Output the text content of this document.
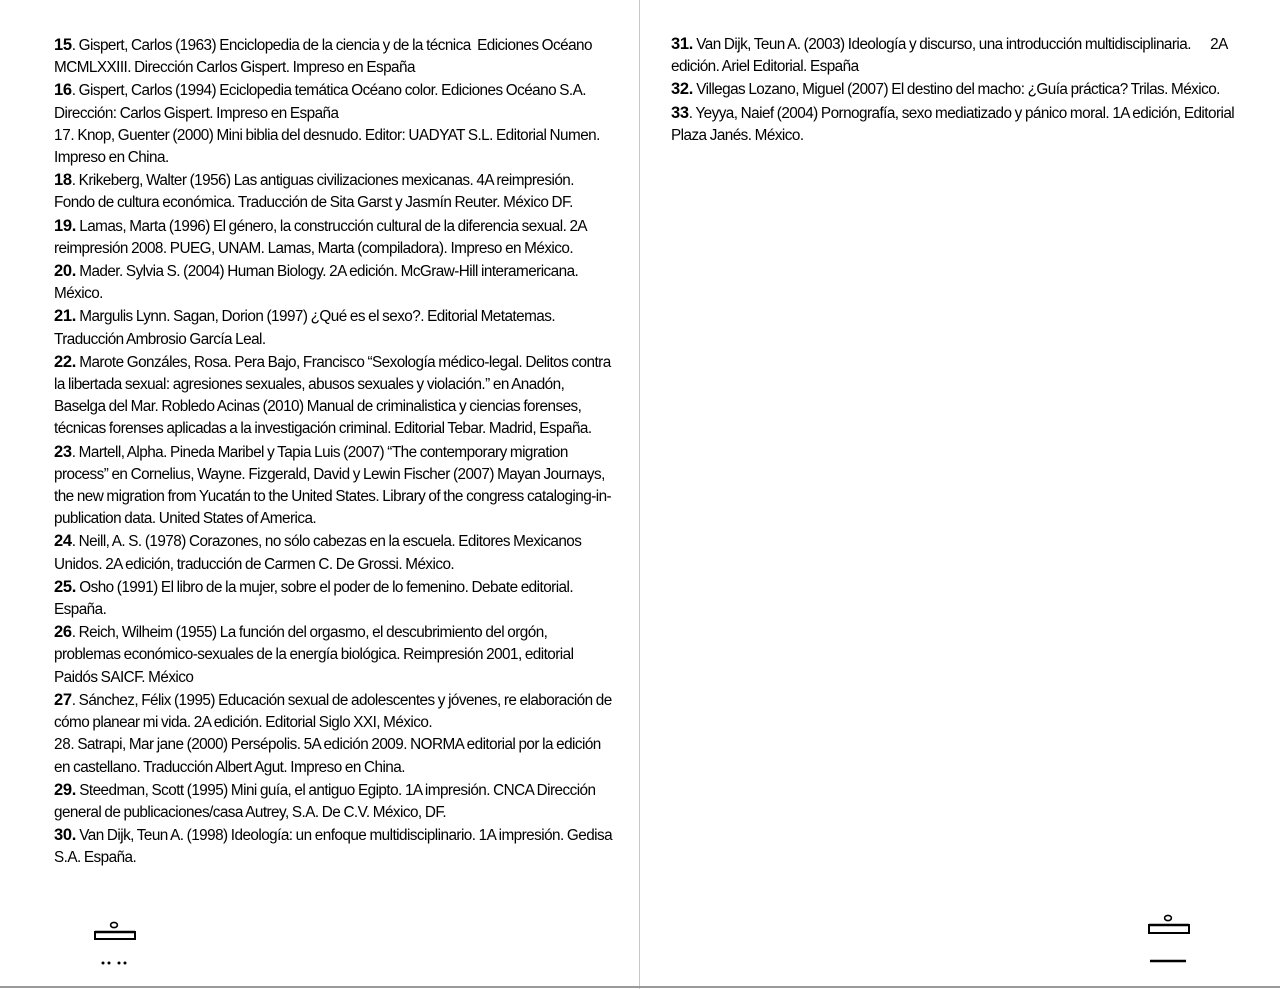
15. Gispert, Carlos (1963) Enciclopedia de la ciencia y de la técnica  Ediciones Océano MCMLXXIII. Dirección Carlos Gispert. Impreso en España

16. Gispert, Carlos (1994) Eciclopedia temática Océano color. Ediciones Océano S.A. Dirección: Carlos Gispert. Impreso en España

17. Knop, Guenter (2000) Mini biblia del desnudo. Editor: UADYAT S.L. Editorial Numen. Impreso en China.

18. Krikeberg, Walter (1956) Las antiguas civilizaciones mexicanas. 4A reimpresión. Fondo de cultura económica. Traducción de Sita Garst y Jasmín Reuter. México DF.

19. Lamas, Marta (1996) El género, la construcción cultural de la diferencia sexual. 2A reimpresión 2008. PUEG, UNAM. Lamas, Marta (compiladora). Impreso en México.

20. Mader. Sylvia S. (2004) Human Biology. 2A edición. McGraw-Hill interamericana. México.

21. Margulis Lynn. Sagan, Dorion (1997) ¿Qué es el sexo?. Editorial Metatemas. Traducción Ambrosio García Leal.

22. Marote Gonzáles, Rosa. Pera Bajo, Francisco “Sexología médico-legal. Delitos contra la libertada sexual: agresiones sexuales, abusos sexuales y violación.” en Anadón, Baselga del Mar. Robledo Acinas (2010) Manual de criminalistica y ciencias forenses, técnicas forenses aplicadas a la investigación criminal. Editorial Tebar. Madrid, España.

23. Martell, Alpha. Pineda Maribel y Tapia Luis (2007) “The contemporary migration process” en Cornelius, Wayne. Fizgerald, David y Lewin Fischer (2007) Mayan Journays, the new migration from Yucatán to the United States. Library of the congress cataloging-in-publication data. United States of America.

24. Neill, A. S. (1978) Corazones, no sólo cabezas en la escuela. Editores Mexicanos Unidos. 2A edición, traducción de Carmen C. De Grossi. México.

25. Osho (1991) El libro de la mujer, sobre el poder de lo femenino. Debate editorial. España.

26. Reich, Wilheim (1955) La función del orgasmo, el descubrimiento del orgón, problemas económico-sexuales de la energía biológica. Reimpresión 2001, editorial Paidós SAICF. México

27. Sánchez, Félix (1995) Educación sexual de adolescentes y jóvenes, re elaboración de cómo planear mi vida. 2A edición. Editorial Siglo XXI, México.

28. Satrapi, Mar jane (2000) Persépolis. 5A edición 2009. NORMA editorial por la edición en castellano. Traducción Albert Agut. Impreso en China.

29. Steedman, Scott (1995) Mini guía, el antiguo Egipto. 1A impresión. CNCA Dirección general de publicaciones/casa Autrey, S.A. De C.V. México, DF.

30. Van Dijk, Teun A. (1998) Ideología: un enfoque multidisciplinario. 1A impresión. Gedisa S.A. España.

31. Van Dijk, Teun A. (2003) Ideología y discurso, una introducción multidisciplinaria.      2A edición. Ariel Editorial. España

32. Villegas Lozano, Miguel (2007) El destino del macho: ¿Guía práctica? Trilas. México.

33. Yeyya, Naief (2004) Pornografía, sexo mediatizado y pánico moral. 1A edición, Editorial Plaza Janés. México.
